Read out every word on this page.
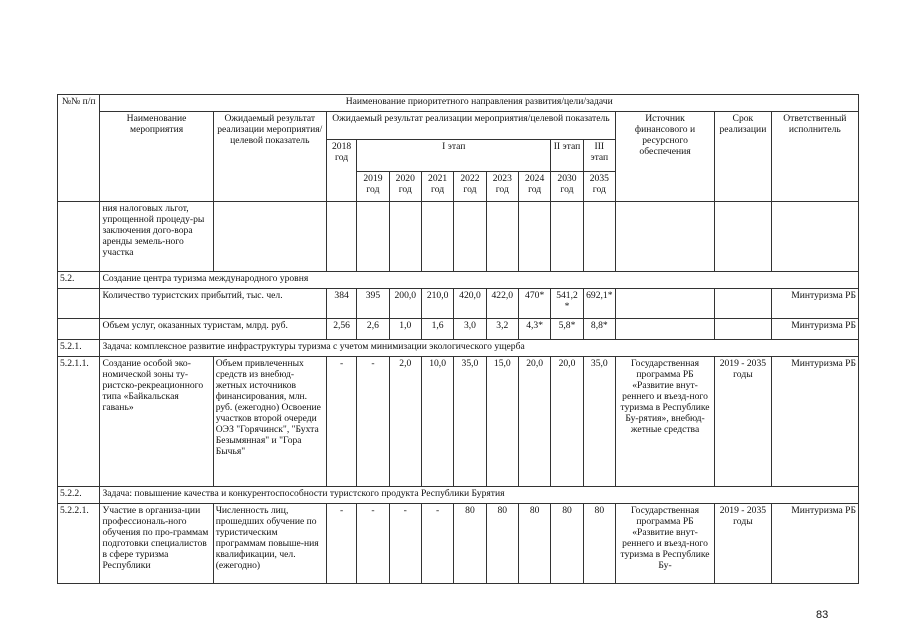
№№ п/п	Наименование приоритетного направления развития/цели/задачи													
	Наименование мероприятия	Ожидаемый результат реализации мероприятия/целевой показатель	Ожидаемый результат реализации мероприятия/целевой показатель									Источник финансового и ресурсного обеспечения	Срок реализации	Ответственный исполнитель
			2018 год	I этап						II этап	III этап			
				2019 год	2020 год	2021 год	2022 год	2023 год	2024 год	2030 год	2035 год			
	ния налоговых льгот, упрощенной процеду-ры заключения дого-вора аренды земель-ного участка													
5.2.	Создание центра туризма международного уровня													
	Количество туристских прибытий, тыс. чел.		384	395	200,0	210,0	420,0	422,0	470*	541,2 *	692,1*			Минтуризма РБ
	Объем услуг, оказанных туристам, млрд. руб.		2,56	2,6	1,0	1,6	3,0	3,2	4,3*	5,8*	8,8*			Минтуризма РБ
5.2.1.	Задача: комплексное развитие инфраструктуры туризма с учетом минимизации экологического ущерба													
5.2.1.1.	Создание особой эко-номической зоны ту-ристско-рекреационного типа «Байкальская гавань»	Объем привлеченных средств из внебюд-жетных источников финансирования, млн. руб. (ежегодно) Освоение участков второй очереди ОЭЗ "Горячинск", "Бухта Безымянная" и "Гора Бычья"	-	-	2,0	10,0	35,0	15,0	20,0	20,0	35,0	Государственная программа РБ «Развитие внут-реннего и въезд-ного туризма в Республике Бу-рятия», внебюд-жетные средства	2019 - 2035 годы	Минтуризма РБ
5.2.2.	Задача: повышение качества и конкурентоспособности туристского продукта Республики Бурятия													
5.2.2.1.	Участие в организа-ции профессиональ-ного обучения по про-граммам подготовки специалистов в сфере туризма Республики	Численность лиц, прошедших обучение по туристическим программам повыше-ния квалификации, чел. (ежегодно)	-	-	-	-	80	80	80	80	80	Государственная программа РБ «Развитие внут-реннего и въезд-ного туризма в Республике Бу-	2019 - 2035 годы	Минтуризма РБ
83
